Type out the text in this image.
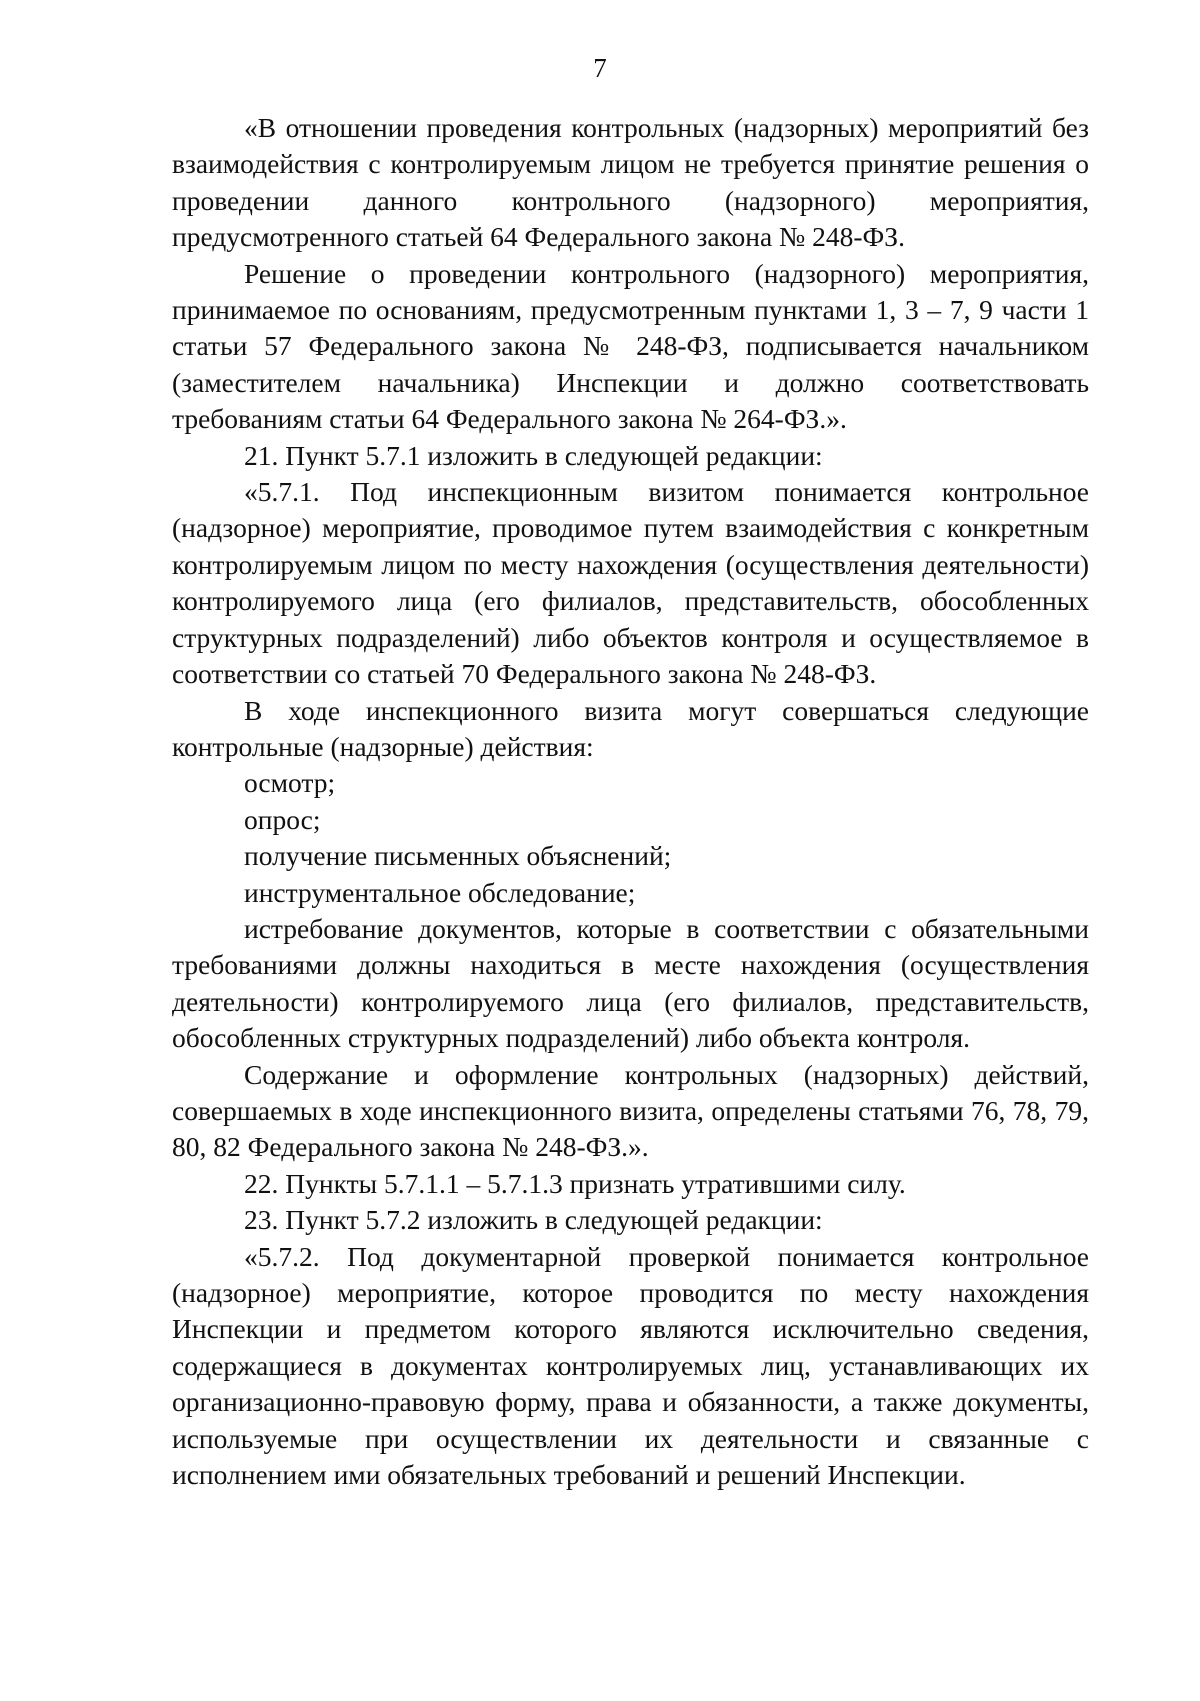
7

«В отношении проведения контрольных (надзорных) мероприятий без взаимодействия с контролируемым лицом не требуется принятие решения о проведении данного контрольного (надзорного) мероприятия, предусмотренного статьей 64 Федерального закона № 248-ФЗ.

Решение о проведении контрольного (надзорного) мероприятия, принимаемое по основаниям, предусмотренным пунктами 1, 3 – 7, 9 части 1 статьи 57 Федерального закона № 248-ФЗ, подписывается начальником (заместителем начальника) Инспекции и должно соответствовать требованиям статьи 64 Федерального закона № 264-ФЗ.».

21. Пункт 5.7.1 изложить в следующей редакции:

«5.7.1. Под инспекционным визитом понимается контрольное (надзорное) мероприятие, проводимое путем взаимодействия с конкретным контролируемым лицом по месту нахождения (осуществления деятельности) контролируемого лица (его филиалов, представительств, обособленных структурных подразделений) либо объектов контроля и осуществляемое в соответствии со статьей 70 Федерального закона № 248-ФЗ.

В ходе инспекционного визита могут совершаться следующие контрольные (надзорные) действия:

осмотр;

опрос;

получение письменных объяснений;

инструментальное обследование;

истребование документов, которые в соответствии с обязательными требованиями должны находиться в месте нахождения (осуществления деятельности) контролируемого лица (его филиалов, представительств, обособленных структурных подразделений) либо объекта контроля.

Содержание и оформление контрольных (надзорных) действий, совершаемых в ходе инспекционного визита, определены статьями 76, 78, 79, 80, 82 Федерального закона № 248-ФЗ.».

22. Пункты 5.7.1.1 – 5.7.1.3 признать утратившими силу.

23. Пункт 5.7.2 изложить в следующей редакции:

«5.7.2. Под документарной проверкой понимается контрольное (надзорное) мероприятие, которое проводится по месту нахождения Инспекции и предметом которого являются исключительно сведения, содержащиеся в документах контролируемых лиц, устанавливающих их организационно-правовую форму, права и обязанности, а также документы, используемые при осуществлении их деятельности и связанные с исполнением ими обязательных требований и решений Инспекции.
